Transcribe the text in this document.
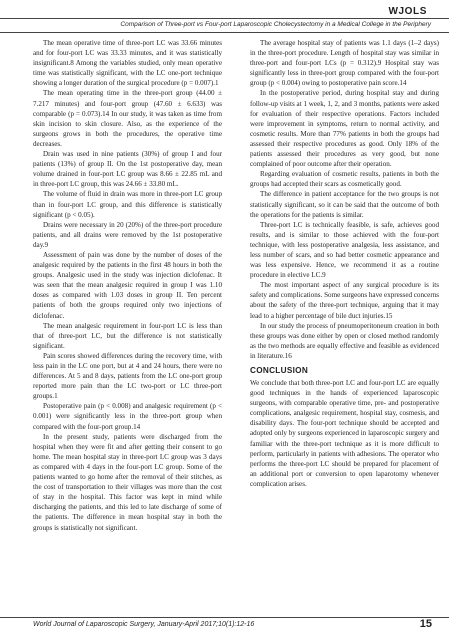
WJOLS
Comparison of Three-port vs Four-port Laparoscopic Cholecystectomy in a Medical College in the Periphery

The mean operative time of three-port LC was 33.66 minutes and for four-port LC was 33.33 minutes, and it was statistically insignificant.8 Among the variables studied, only mean operative time was statistically significant, with the LC one-port technique showing a longer duration of the surgical procedure (p = 0.007).1

The mean operating time in the three-port group (44.00 ± 7.217 minutes) and four-port group (47.60 ± 6.633) was comparable (p = 0.073).14 In our study, it was taken as time from skin incision to skin closure. Also, as the experience of the surgeons grows in both the procedures, the operative time decreases.

Drain was used in nine patients (30%) of group I and four patients (13%) of group II. On the 1st postoperative day, mean volume drained in four-port LC group was 8.66 ± 22.85 mL and in three-port LC group, this was 24.66 ± 33.80 mL.

The volume of fluid in drain was more in three-port LC group than in four-port LC group, and this difference is statistically significant (p < 0.05).

Drains were necessary in 20 (20%) of the three-port procedure patients, and all drains were removed by the 1st postoperative day.9

Assessment of pain was done by the number of doses of the analgesic required by the patients in the first 48 hours in both the groups. Analgesic used in the study was injection diclofenac. It was seen that the mean analgesic required in group I was 1.10 doses as compared with 1.03 doses in group II. Ten percent patients of both the groups required only two injections of diclofenac.

The mean analgesic requirement in four-port LC is less than that of three-port LC, but the difference is not statistically significant.

Pain scores showed differences during the recovery time, with less pain in the LC one port, but at 4 and 24 hours, there were no differences. At 5 and 8 days, patients from the LC one-port group reported more pain than the LC two-port or LC three-port groups.1

Postoperative pain (p < 0.008) and analgesic requirement (p < 0.001) were significantly less in the three-port group when compared with the four-port group.14

In the present study, patients were discharged from the hospital when they were fit and after getting their consent to go home. The mean hospital stay in three-port LC group was 3 days as compared with 4 days in the four-port LC group. Some of the patients wanted to go home after the removal of their stitches, as the cost of transportation to their villages was more than the cost of stay in the hospital. This factor was kept in mind while discharging the patients, and this led to late discharge of some of the patients. The difference in mean hospital stay in both the groups is statistically not significant.

The average hospital stay of patients was 1.1 days (1–2 days) in the three-port procedure. Length of hospital stay was similar in three-port and four-port LCs (p = 0.312).9 Hospital stay was significantly less in three-port group compared with the four-port group (p < 0.004) owing to postoperative pain score.14

In the postoperative period, during hospital stay and during follow-up visits at 1 week, 1, 2, and 3 months, patients were asked for evaluation of their respective operations. Factors included were improvement in symptoms, return to normal activity, and cosmetic results. More than 77% patients in both the groups had assessed their respective procedures as good. Only 18% of the patients assessed their procedures as very good, but none complained of poor outcome after their operation.

Regarding evaluation of cosmetic results, patients in both the groups had accepted their scars as cosmetically good.

The difference in patient acceptance for the two groups is not statistically significant, so it can be said that the outcome of both the operations for the patients is similar.

Three-port LC is technically feasible, is safe, achieves good results, and is similar to those achieved with the four-port technique, with less postoperative analgesia, less assistance, and less number of scars, and so had better cosmetic appearance and was less expensive. Hence, we recommend it as a routine procedure in elective LC.9

The most important aspect of any surgical procedure is its safety and complications. Some surgeons have expressed concerns about the safety of the three-port technique, arguing that it may lead to a higher percentage of bile duct injuries.15

In our study the process of pneumoperitoneum creation in both these groups was done either by open or closed method randomly as the two methods are equally effective and feasible as evidenced in literature.16

CONCLUSION

We conclude that both three-port LC and four-port LC are equally good techniques in the hands of experienced laparoscopic surgeons, with comparable operative time, pre- and postoperative complications, analgesic requirement, hospital stay, cosmesis, and disability days. The four-port technique should be accepted and adopted only by surgeons experienced in laparoscopic surgery and familiar with the three-port technique as it is more difficult to perform, particularly in patients with adhesions. The operator who performs the three-port LC should be prepared for placement of an additional port or conversion to open laparotomy whenever complication arises.

World Journal of Laparoscopic Surgery, January-April 2017;10(1):12-16	15
